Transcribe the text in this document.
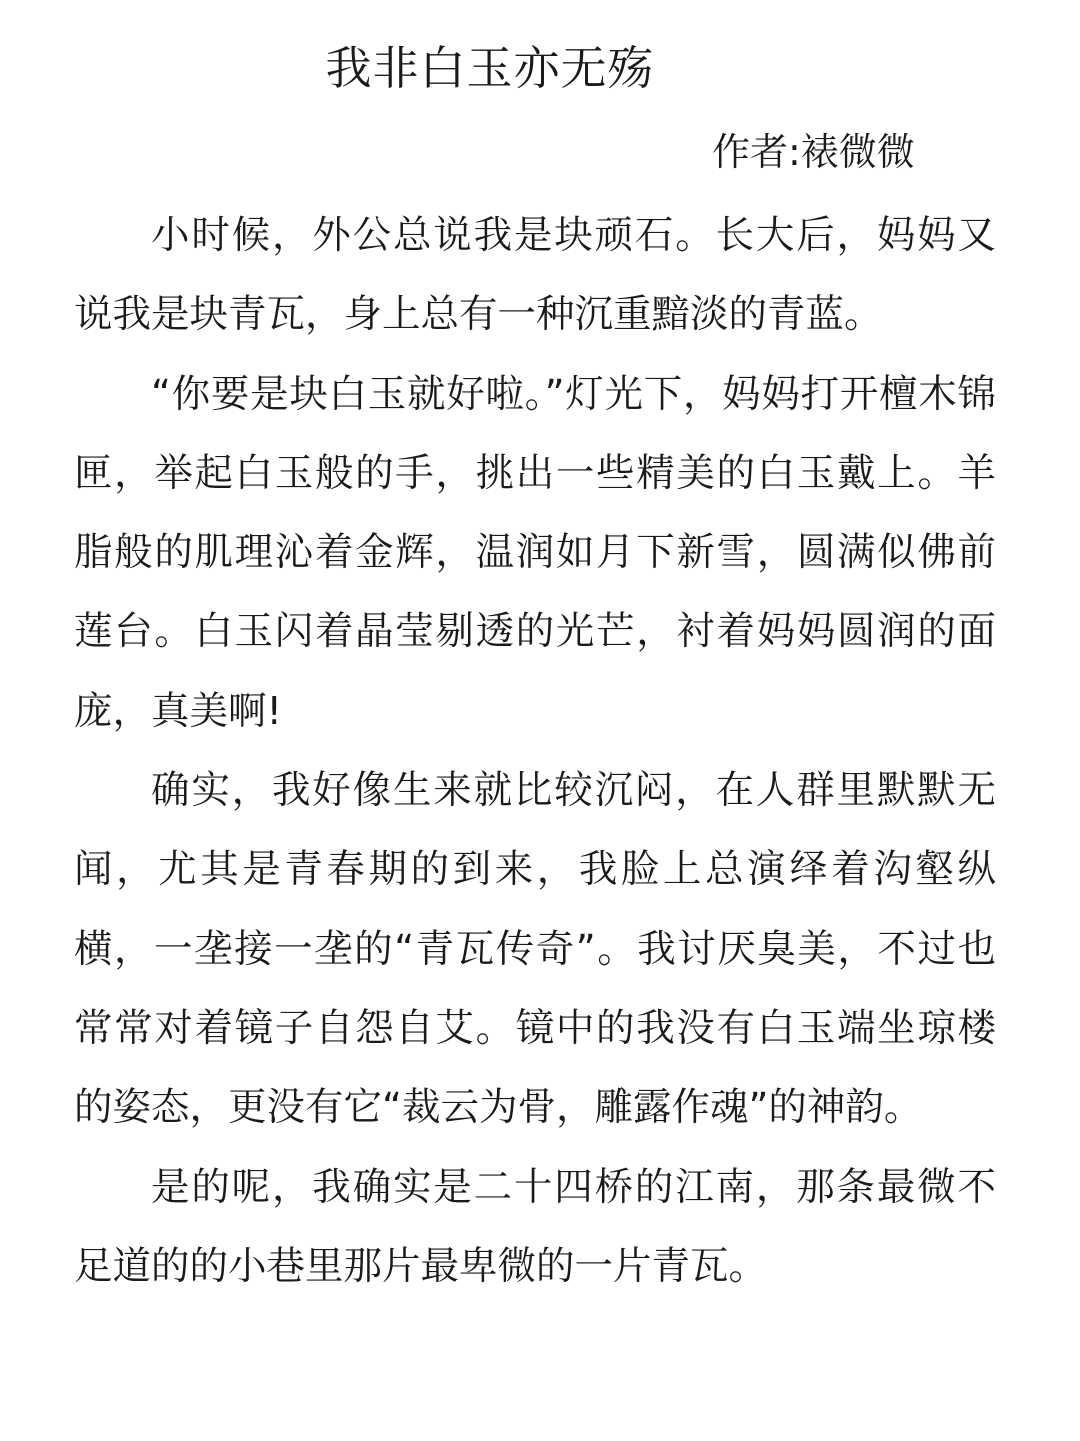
我非白玉亦无殇

作者:裱微微

小时候，外公总说我是块顽石。长大后，妈妈又说我是块青瓦，身上总有一种沉重黯淡的青蓝。

“你要是块白玉就好啦。”灯光下，妈妈打开檀木锦匣，举起白玉般的手，挑出一些精美的白玉戴上。羊脂般的肌理沁着金辉，温润如月下新雪，圆满似佛前莲台。白玉闪着晶莹剔透的光芒，衬着妈妈圆润的面庞，真美啊!

确实，我好像生来就比较沉闷，在人群里默默无闻，尤其是青春期的到来，我脸上总演绎着沟壑纵横，一垄接一垄的“青瓦传奇”。我讨厌臭美，不过也常常对着镜子自怨自艾。镜中的我没有白玉端坐琼楼的姿态，更没有它“裁云为骨，雕露作魂”的神韵。

是的呢，我确实是二十四桥的江南，那条最微不足道的的小巷里那片最卑微的一片青瓦。
